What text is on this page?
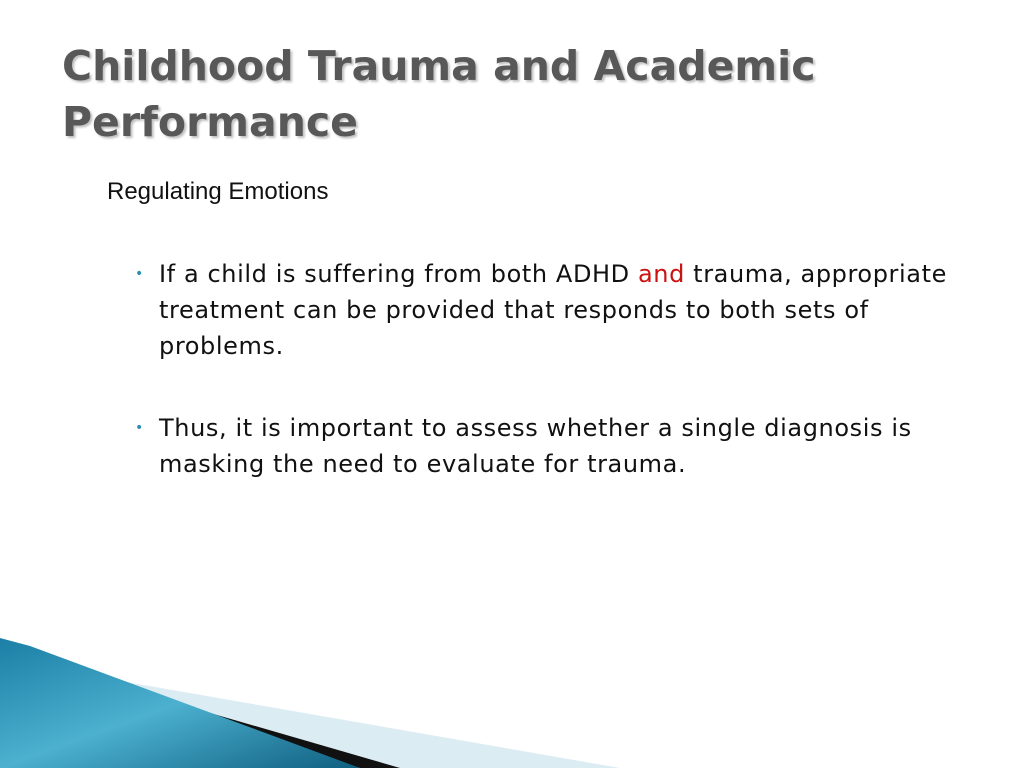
Childhood Trauma and Academic Performance
Regulating Emotions
• If a child is suffering from both ADHD and trauma, appropriate treatment can be provided that responds to both sets of problems.
• Thus, it is important to assess whether a single diagnosis is masking the need to evaluate for trauma.
